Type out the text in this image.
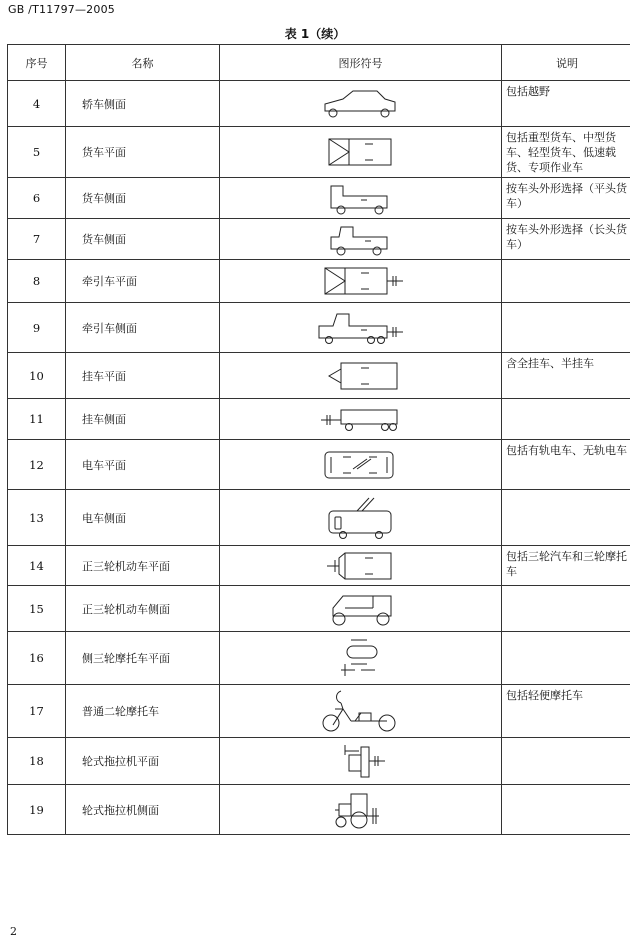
GB /T11797—2005
表 1（续）
序号	名称	图形符号	说明
4	轿车侧面		包括越野
5	货车平面		包括重型货车、中型货车、轻型货车、低速载货、专项作业车
6	货车侧面		按车头外形选择（平头货车）
7	货车侧面		按车头外形选择（长头货车）
8	牵引车平面	

9	牵引车侧面	

10	挂车平面		含全挂车、半挂车
11	挂车侧面	

12	电车平面		包括有轨电车、无轨电车
13	电车侧面	

14	正三轮机动车平面		包括三轮汽车和三轮摩托车
15	正三轮机动车侧面	

16	侧三轮摩托车平面	

17	普通二轮摩托车		包括轻便摩托车
18	轮式拖拉机平面	

19	轮式拖拉机侧面	

2
